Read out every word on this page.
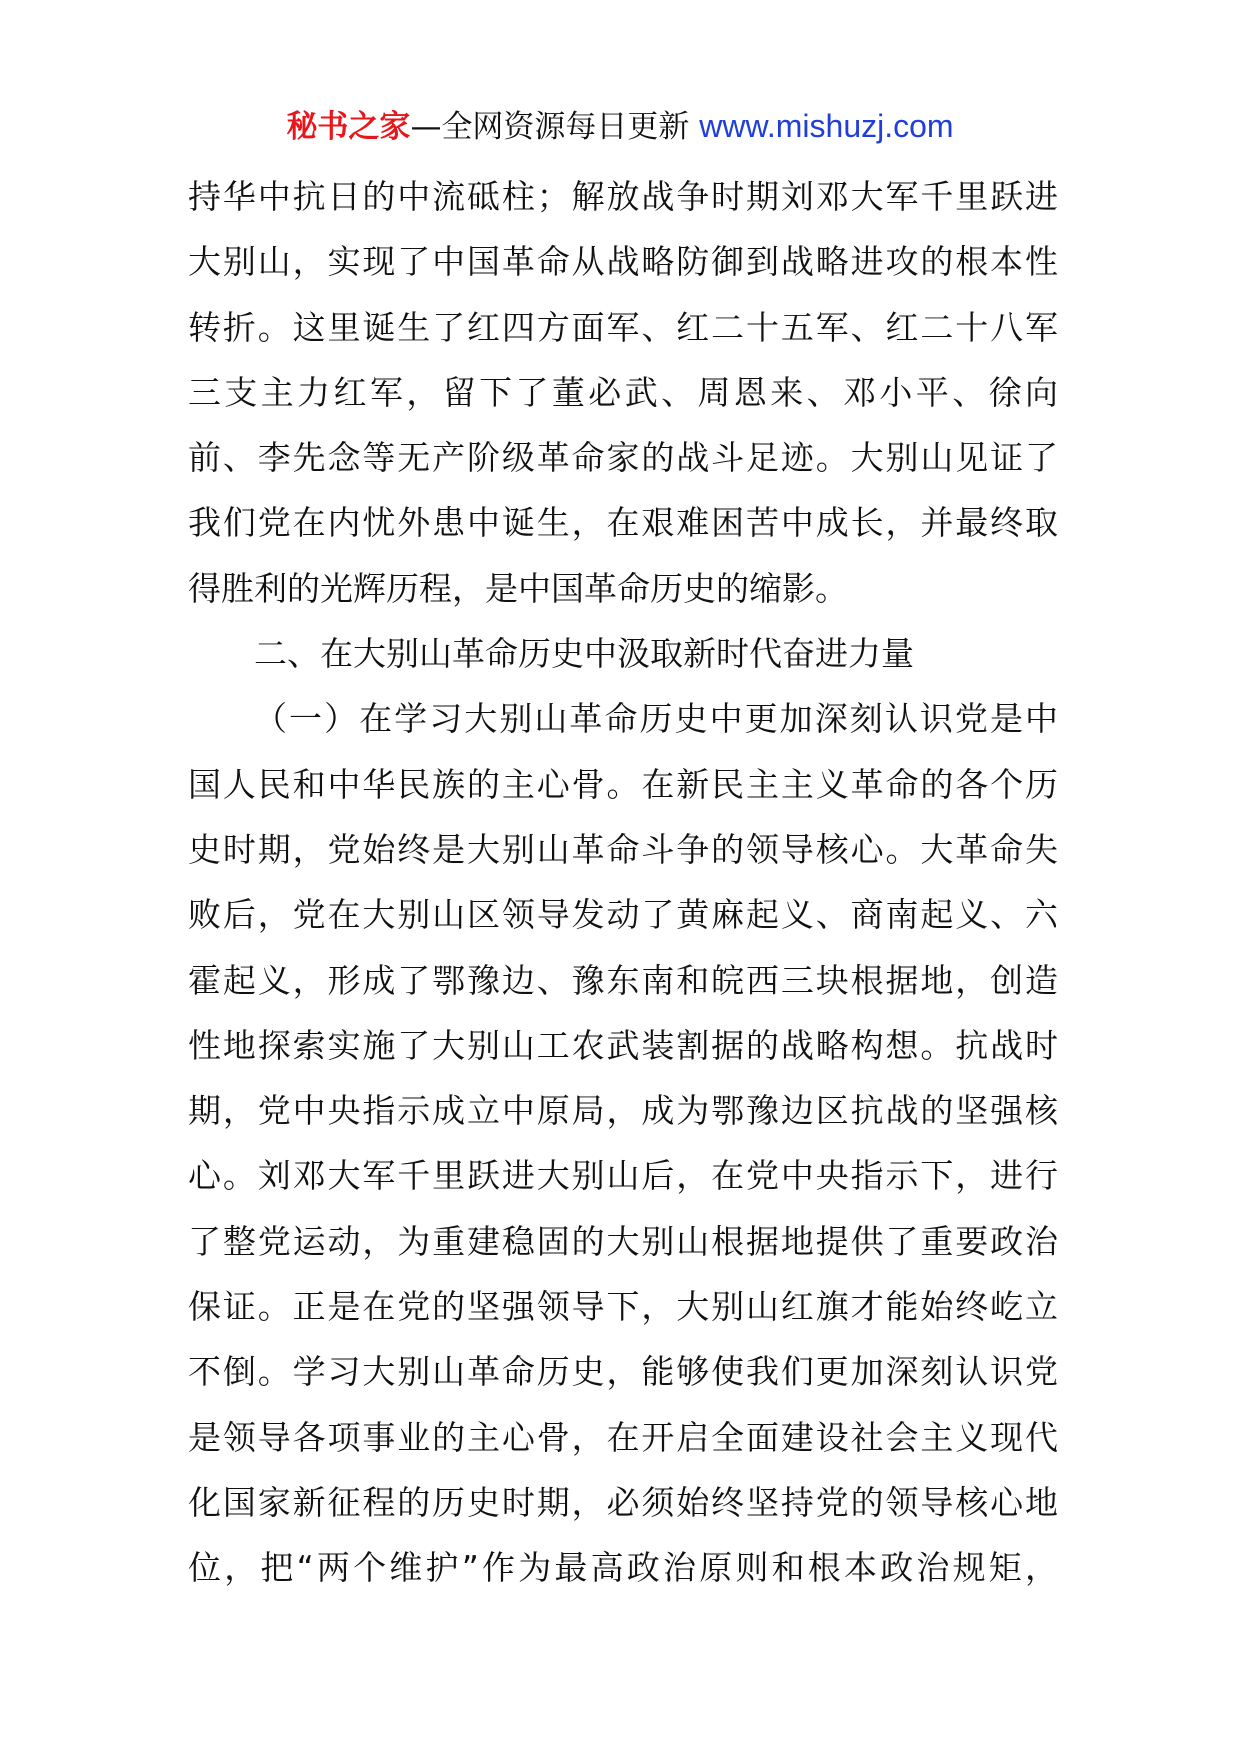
秘书之家—全网资源每日更新 www.mishuzj.com
持华中抗日的中流砥柱；解放战争时期刘邓大军千里跃进
大别山，实现了中国革命从战略防御到战略进攻的根本性
转折。这里诞生了红四方面军、红二十五军、红二十八军
三支主力红军，留下了董必武、周恩来、邓小平、徐向
前、李先念等无产阶级革命家的战斗足迹。大别山见证了
我们党在内忧外患中诞生，在艰难困苦中成长，并最终取
得胜利的光辉历程，是中国革命历史的缩影。
二、在大别山革命历史中汲取新时代奋进力量
（一）在学习大别山革命历史中更加深刻认识党是中
国人民和中华民族的主心骨。在新民主主义革命的各个历
史时期，党始终是大别山革命斗争的领导核心。大革命失
败后，党在大别山区领导发动了黄麻起义、商南起义、六
霍起义，形成了鄂豫边、豫东南和皖西三块根据地，创造
性地探索实施了大别山工农武装割据的战略构想。抗战时
期，党中央指示成立中原局，成为鄂豫边区抗战的坚强核
心。刘邓大军千里跃进大别山后，在党中央指示下，进行
了整党运动，为重建稳固的大别山根据地提供了重要政治
保证。正是在党的坚强领导下，大别山红旗才能始终屹立
不倒。学习大别山革命历史，能够使我们更加深刻认识党
是领导各项事业的主心骨，在开启全面建设社会主义现代
化国家新征程的历史时期，必须始终坚持党的领导核心地
位，把“两个维护”作为最高政治原则和根本政治规矩，
